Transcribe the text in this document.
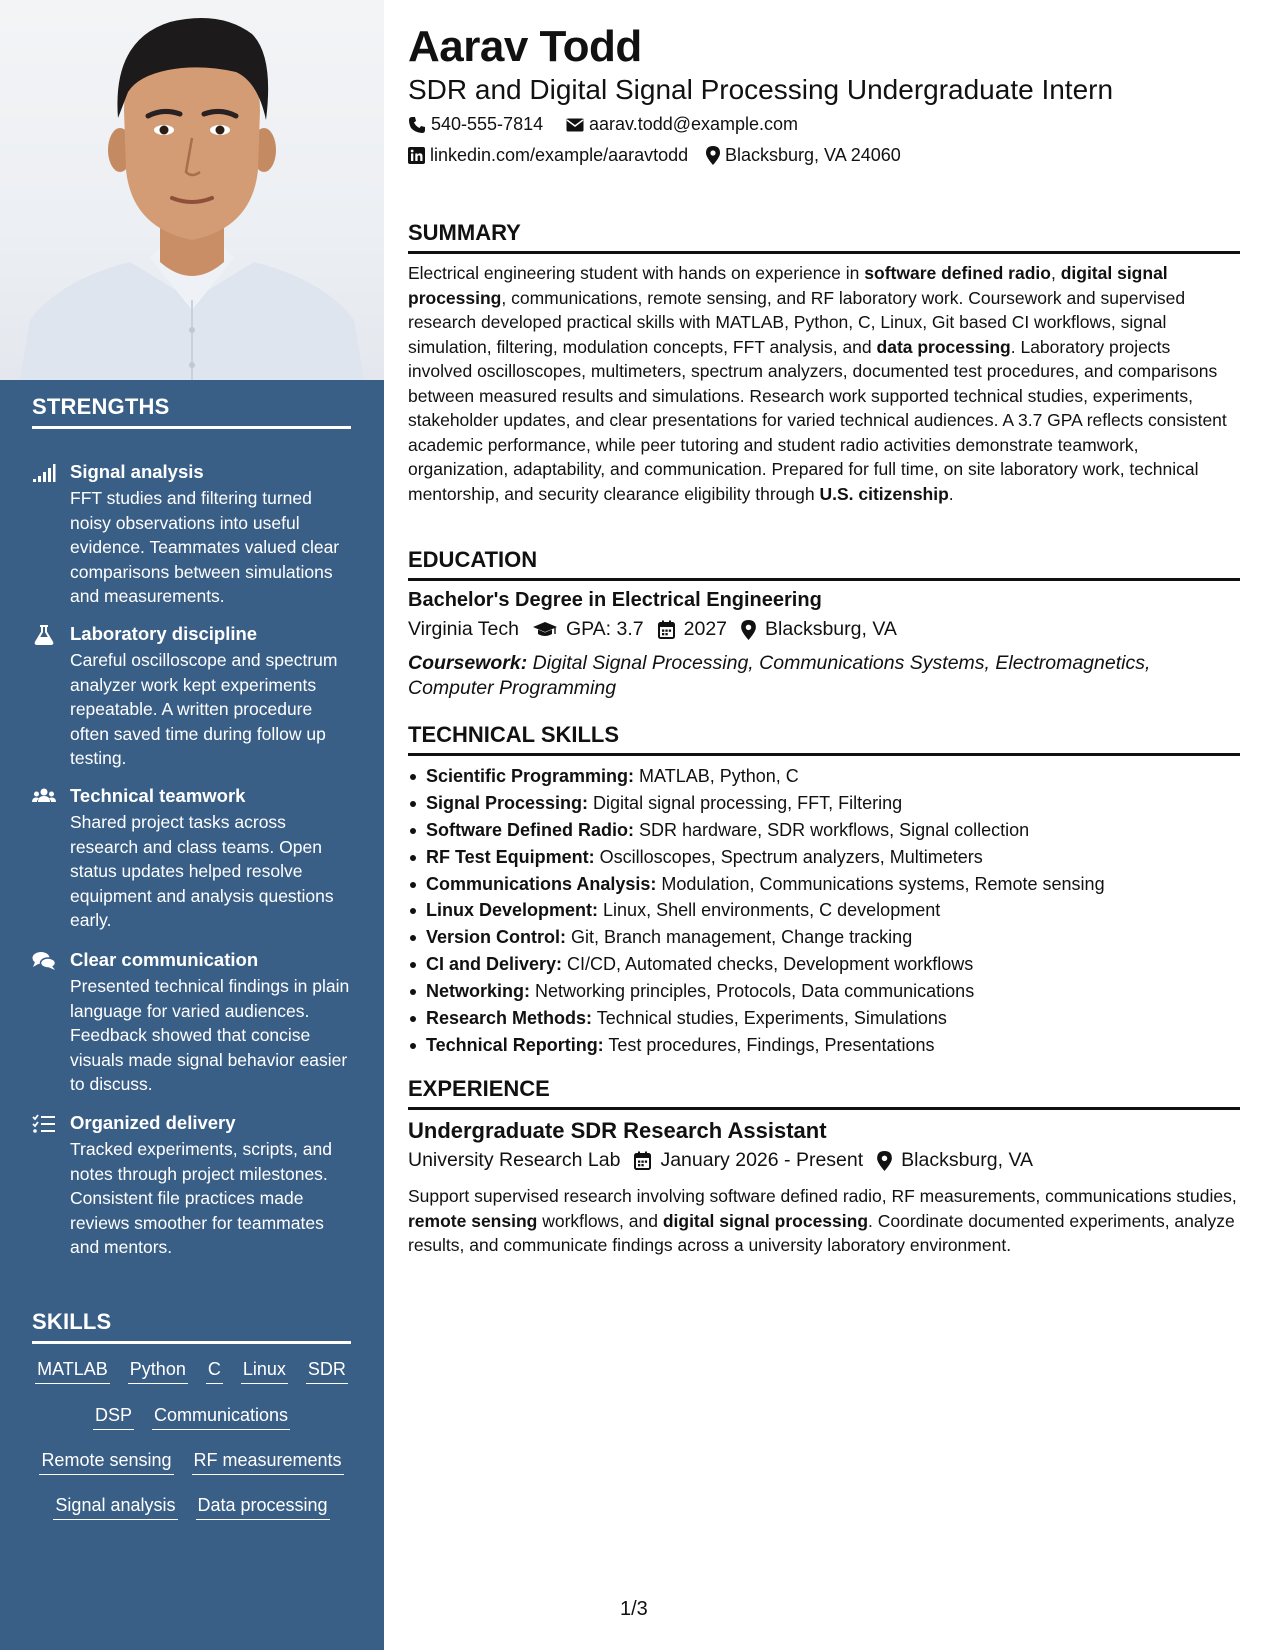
STRENGTHS
Signal analysis
FFT studies and filtering turned noisy observations into useful evidence. Teammates valued clear comparisons between simulations and measurements.
Laboratory discipline
Careful oscilloscope and spectrum analyzer work kept experiments repeatable. A written procedure often saved time during follow up testing.
Technical teamwork
Shared project tasks across research and class teams. Open status updates helped resolve equipment and analysis questions early.
Clear communication
Presented technical findings in plain language for varied audiences. Feedback showed that concise visuals made signal behavior easier to discuss.
Organized delivery
Tracked experiments, scripts, and notes through project milestones. Consistent file practices made reviews smoother for teammates and mentors.
SKILLS
MATLAB Python C Linux SDR
DSP Communications
Remote sensing RF measurements
Signal analysis Data processing
Aarav Todd
SDR and Digital Signal Processing Undergraduate Intern
540-555-7814	aarav.todd@example.com
linkedin.com/example/aaravtodd Blacksburg, VA 24060
SUMMARY
Electrical engineering student with hands on experience in software defined radio, digital signal processing, communications, remote sensing, and RF laboratory work. Coursework and supervised research developed practical skills with MATLAB, Python, C, Linux, Git based CI workflows, signal simulation, filtering, modulation concepts, FFT analysis, and data processing. Laboratory projects involved oscilloscopes, multimeters, spectrum analyzers, documented test procedures, and comparisons between measured results and simulations. Research work supported technical studies, experiments, stakeholder updates, and clear presentations for varied technical audiences. A 3.7 GPA reflects consistent academic performance, while peer tutoring and student radio activities demonstrate teamwork, organization, adaptability, and communication. Prepared for full time, on site laboratory work, technical mentorship, and security clearance eligibility through U.S. citizenship.
EDUCATION
Bachelor's Degree in Electrical Engineering
Virginia Tech GPA: 3.7 2027 Blacksburg, VA
Coursework: Digital Signal Processing, Communications Systems, Electromagnetics, Computer Programming
TECHNICAL SKILLS
Scientific Programming: MATLAB, Python, C
Signal Processing: Digital signal processing, FFT, Filtering
Software Defined Radio: SDR hardware, SDR workflows, Signal collection
RF Test Equipment: Oscilloscopes, Spectrum analyzers, Multimeters
Communications Analysis: Modulation, Communications systems, Remote sensing
Linux Development: Linux, Shell environments, C development
Version Control: Git, Branch management, Change tracking
CI and Delivery: CI/CD, Automated checks, Development workflows
Networking: Networking principles, Protocols, Data communications
Research Methods: Technical studies, Experiments, Simulations
Technical Reporting: Test procedures, Findings, Presentations
EXPERIENCE
Undergraduate SDR Research Assistant
University Research Lab January 2026 - Present Blacksburg, VA
Support supervised research involving software defined radio, RF measurements, communications studies, remote sensing workflows, and digital signal processing. Coordinate documented experiments, analyze results, and communicate findings across a university laboratory environment.
1/3
